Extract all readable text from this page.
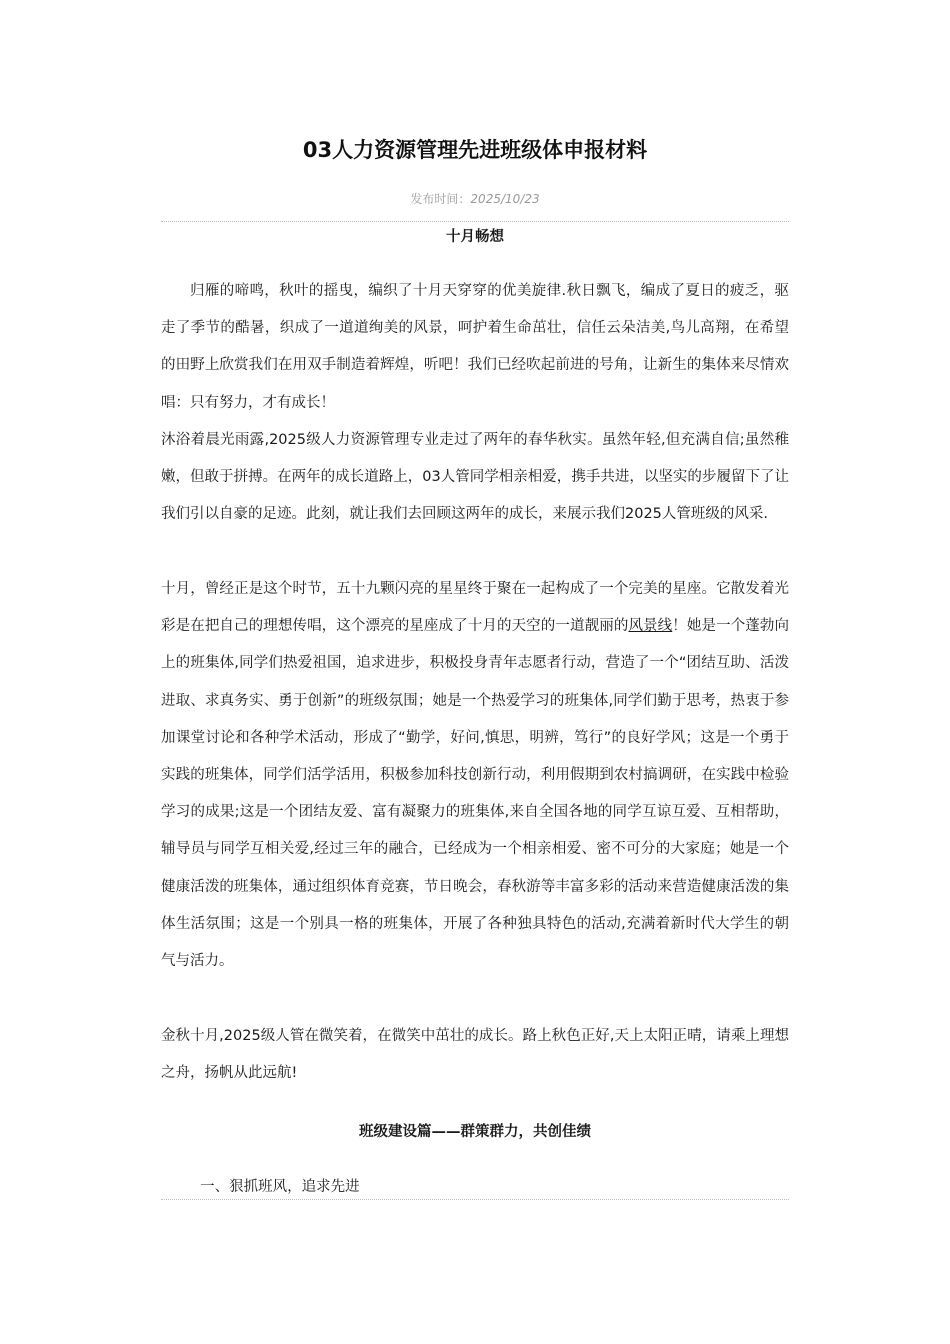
03人力资源管理先进班级体申报材料
发布时间：2025/10/23
十月畅想

归雁的啼鸣，秋叶的摇曳，编织了十月天穿穿的优美旋律.秋日飘飞，编成了夏日的疲乏，驱走了季节的酷暑，织成了一道道绚美的风景，呵护着生命茁壮，信任云朵洁美,鸟儿高翔，在希望的田野上欣赏我们在用双手制造着辉煌，听吧！我们已经吹起前进的号角，让新生的集体来尽情欢唱：只有努力，才有成长！

沐浴着晨光雨露,2025级人力资源管理专业走过了两年的春华秋实。虽然年轻,但充满自信;虽然稚嫩，但敢于拼搏。在两年的成长道路上，03人管同学相亲相爱，携手共进，以坚实的步履留下了让我们引以自豪的足迹。此刻，就让我们去回顾这两年的成长，来展示我们2025人管班级的风采.

十月，曾经正是这个时节，五十九颗闪亮的星星终于聚在一起构成了一个完美的星座。它散发着光彩是在把自己的理想传唱，这个漂亮的星座成了十月的天空的一道靓丽的风景线！她是一个蓬勃向上的班集体,同学们热爱祖国，追求进步，积极投身青年志愿者行动，营造了一个“团结互助、活泼进取、求真务实、勇于创新”的班级氛围；她是一个热爱学习的班集体,同学们勤于思考，热衷于参加课堂讨论和各种学术活动，形成了“勤学，好问,慎思，明辨，笃行”的良好学风；这是一个勇于实践的班集体，同学们活学活用，积极参加科技创新行动，利用假期到农村搞调研，在实践中检验学习的成果;这是一个团结友爱、富有凝聚力的班集体,来自全国各地的同学互谅互爱、互相帮助，辅导员与同学互相关爱,经过三年的融合，已经成为一个相亲相爱、密不可分的大家庭；她是一个健康活泼的班集体，通过组织体育竞赛，节日晚会，春秋游等丰富多彩的活动来营造健康活泼的集体生活氛围；这是一个别具一格的班集体，开展了各种独具特色的活动,充满着新时代大学生的朝气与活力。

金秋十月,2025级人管在微笑着，在微笑中茁壮的成长。路上秋色正好,天上太阳正晴，请乘上理想之舟，扬帆从此远航!

班级建设篇——群策群力，共创佳绩

一、狠抓班风，追求先进
